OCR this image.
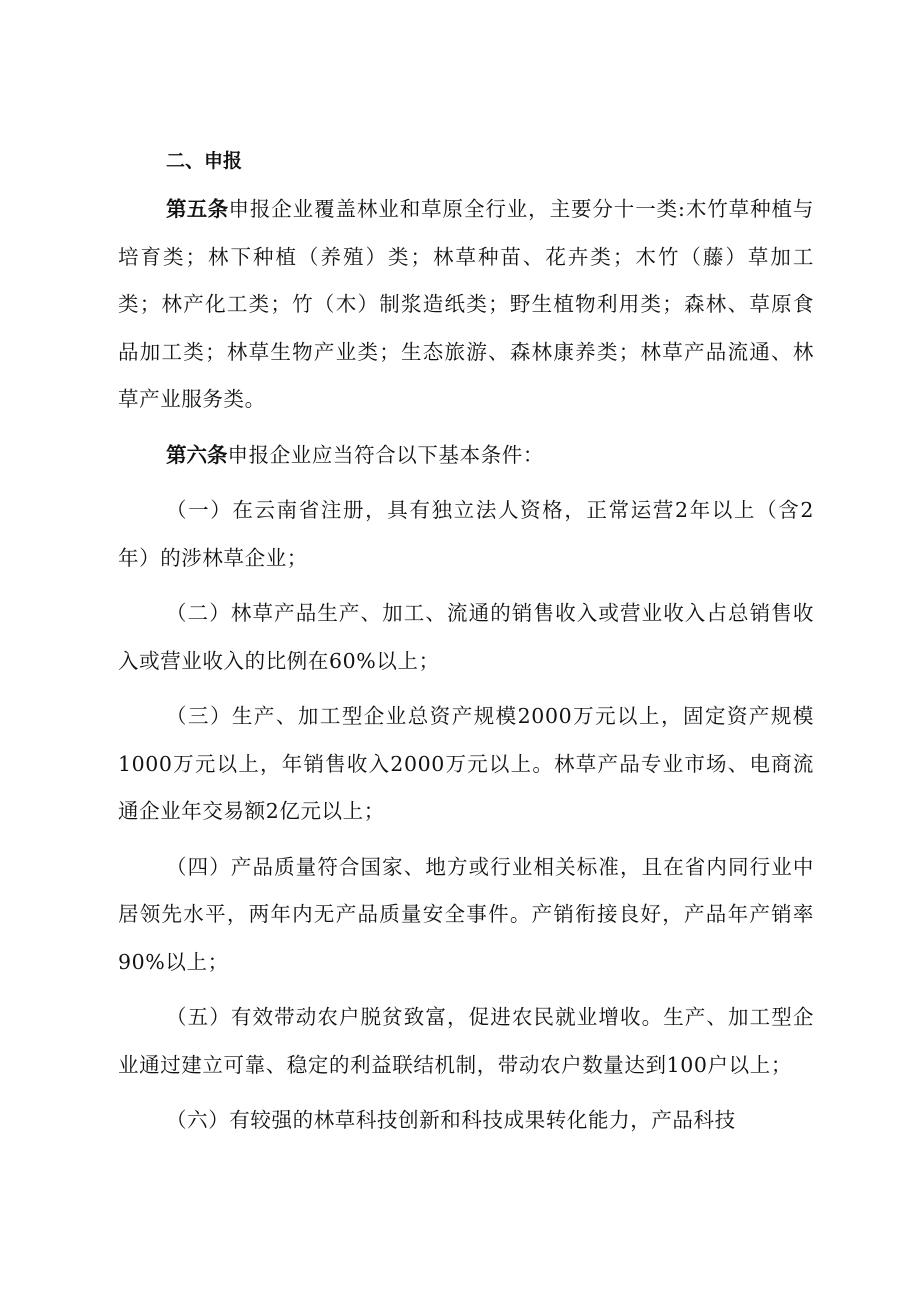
二、申报

第五条申报企业覆盖林业和草原全行业，主要分十一类:木竹草种植与培育类；林下种植（养殖）类；林草种苗、花卉类；木竹（藤）草加工类；林产化工类；竹（木）制浆造纸类；野生植物利用类；森林、草原食品加工类；林草生物产业类；生态旅游、森林康养类；林草产品流通、林草产业服务类。

第六条申报企业应当符合以下基本条件：

（一）在云南省注册，具有独立法人资格，正常运营2年以上（含2年）的涉林草企业；

（二）林草产品生产、加工、流通的销售收入或营业收入占总销售收入或营业收入的比例在60%以上；

（三）生产、加工型企业总资产规模2000万元以上，固定资产规模1000万元以上，年销售收入2000万元以上。林草产品专业市场、电商流通企业年交易额2亿元以上；

（四）产品质量符合国家、地方或行业相关标准，且在省内同行业中居领先水平，两年内无产品质量安全事件。产销衔接良好，产品年产销率90%以上；

（五）有效带动农户脱贫致富，促进农民就业增收。生产、加工型企业通过建立可靠、稳定的利益联结机制，带动农户数量达到100户以上；

（六）有较强的林草科技创新和科技成果转化能力，产品科技
